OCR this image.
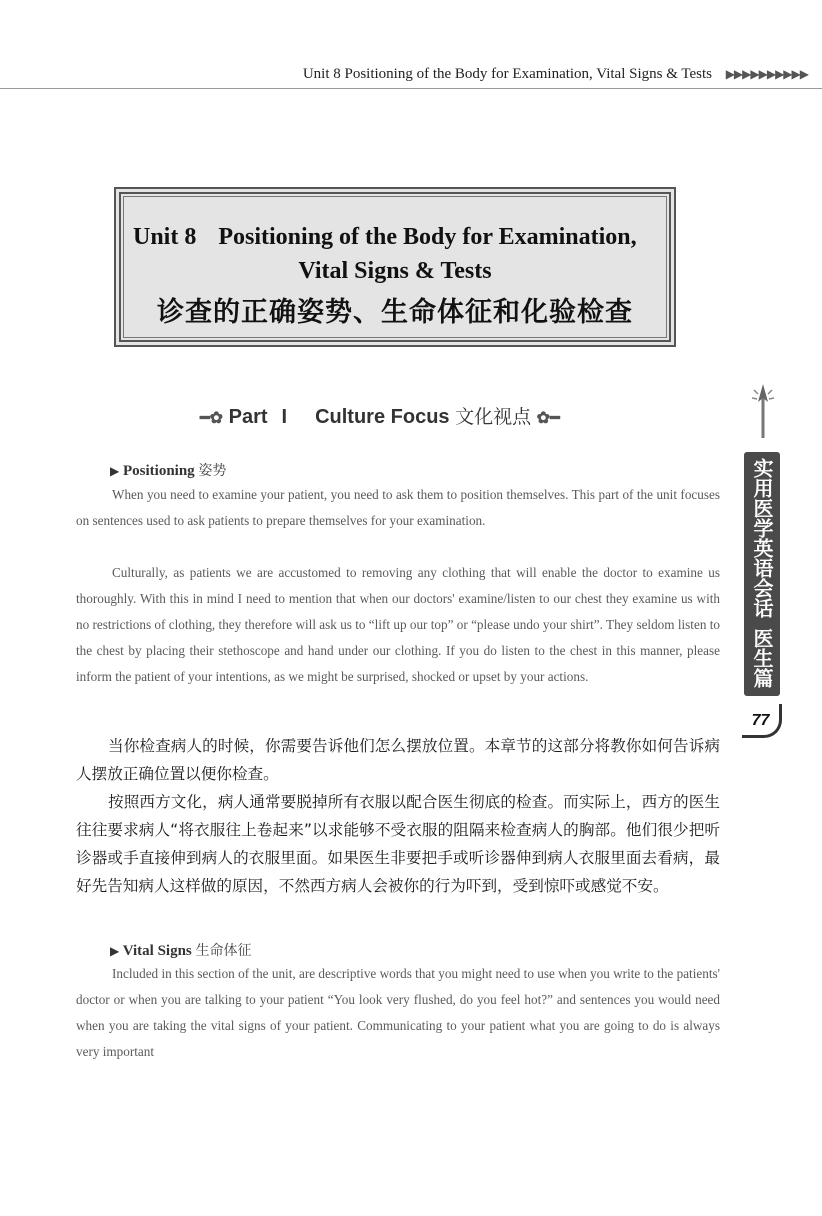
Unit 8 Positioning of the Body for Examination, Vital Signs & Tests ▶▶▶▶▶▶▶▶▶▶
Unit 8 Positioning of the Body for Examination,
Vital Signs & Tests
诊查的正确姿势、生命体征和化验检查
━✿ Part I Culture Focus 文化视点 ✿━
▶ Positioning 姿势

When you need to examine your patient, you need to ask them to position themselves. This part of the unit focuses on sentences used to ask patients to prepare themselves for your examination.

Culturally, as patients we are accustomed to removing any clothing that will enable the doctor to examine us thoroughly. With this in mind I need to mention that when our doctors' examine/listen to our chest they examine us with no restrictions of clothing, they therefore will ask us to “lift up our top” or “please undo your shirt”. They seldom listen to the chest by placing their stethoscope and hand under our clothing. If you do listen to the chest in this manner, please inform the patient of your intentions, as we might be surprised, shocked or upset by your actions.

当你检查病人的时候，你需要告诉他们怎么摆放位置。本章节的这部分将教你如何告诉病人摆放正确位置以便你检查。

按照西方文化，病人通常要脱掉所有衣服以配合医生彻底的检查。而实际上，西方的医生往往要求病人“将衣服往上卷起来”以求能够不受衣服的阻隔来检查病人的胸部。他们很少把听诊器或手直接伸到病人的衣服里面。如果医生非要把手或听诊器伸到病人衣服里面去看病，最好先告知病人这样做的原因，不然西方病人会被你的行为吓到，受到惊吓或感觉不安。

▶ Vital Signs 生命体征

Included in this section of the unit, are descriptive words that you might need to use when you write to the patients' doctor or when you are talking to your patient “You look very flushed, do you feel hot?” and sentences you would need when you are taking the vital signs of your patient. Communicating to your patient what you are going to do is always very important

实用医学英语会话
医生篇
77
